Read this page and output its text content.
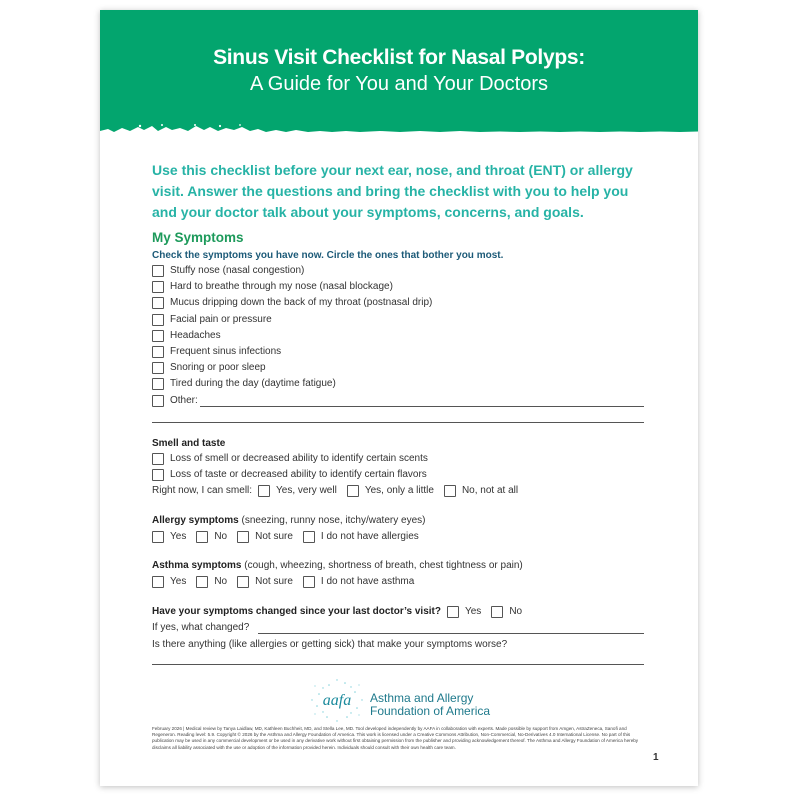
Sinus Visit Checklist for Nasal Polyps:
A Guide for You and Your Doctors
Use this checklist before your next ear, nose, and throat (ENT) or allergy visit. Answer the questions and bring the checklist with you to help you and your doctor talk about your symptoms, concerns, and goals.
My Symptoms
Check the symptoms you have now. Circle the ones that bother you most.
Stuffy nose (nasal congestion)
Hard to breathe through my nose (nasal blockage)
Mucus dripping down the back of my throat (postnasal drip)
Facial pain or pressure
Headaches
Frequent sinus infections
Snoring or poor sleep
Tired during the day (daytime fatigue)
Other:
Smell and taste
Loss of smell or decreased ability to identify certain scents
Loss of taste or decreased ability to identify certain flavors
Right now, I can smell: Yes, very well	Yes, only a little	No, not at all
Allergy symptoms
(sneezing, runny nose, itchy/watery eyes)
Yes	No	Not sure	I do not have allergies
Asthma symptoms
(cough, wheezing, shortness of breath, chest tightness or pain)
Yes	No	Not sure	I do not have asthma
Have your symptoms changed since your last doctor’s visit? Yes	No
If yes, what changed?
Is there anything (like allergies or getting sick) that make your symptoms worse?
aafa Asthma and Allergy
Foundation of America
February 2026 | Medical review by Tanya Laidlaw, MD, Kathleen Buchheit, MD, and Stella Lee, MD. Tool developed independently by AAFA in collaboration with experts. Made possible by support from Amgen, AstraZeneca, Sanofi and Regeneron. Reading level: 5.9. Copyright © 2026 by the Asthma and Allergy Foundation of America. This work is licensed under a Creative Commons Attribution, Non-Commercial, No-Derivatives 4.0 International License. No part of this publication may be used in any commercial development or be used in any derivative work without first obtaining permission from the publisher and providing acknowledgement thereof. The Asthma and Allergy Foundation of America hereby disclaims all liability associated with the use or adoption of the information provided herein. Individuals should consult with their own health care team.
1
